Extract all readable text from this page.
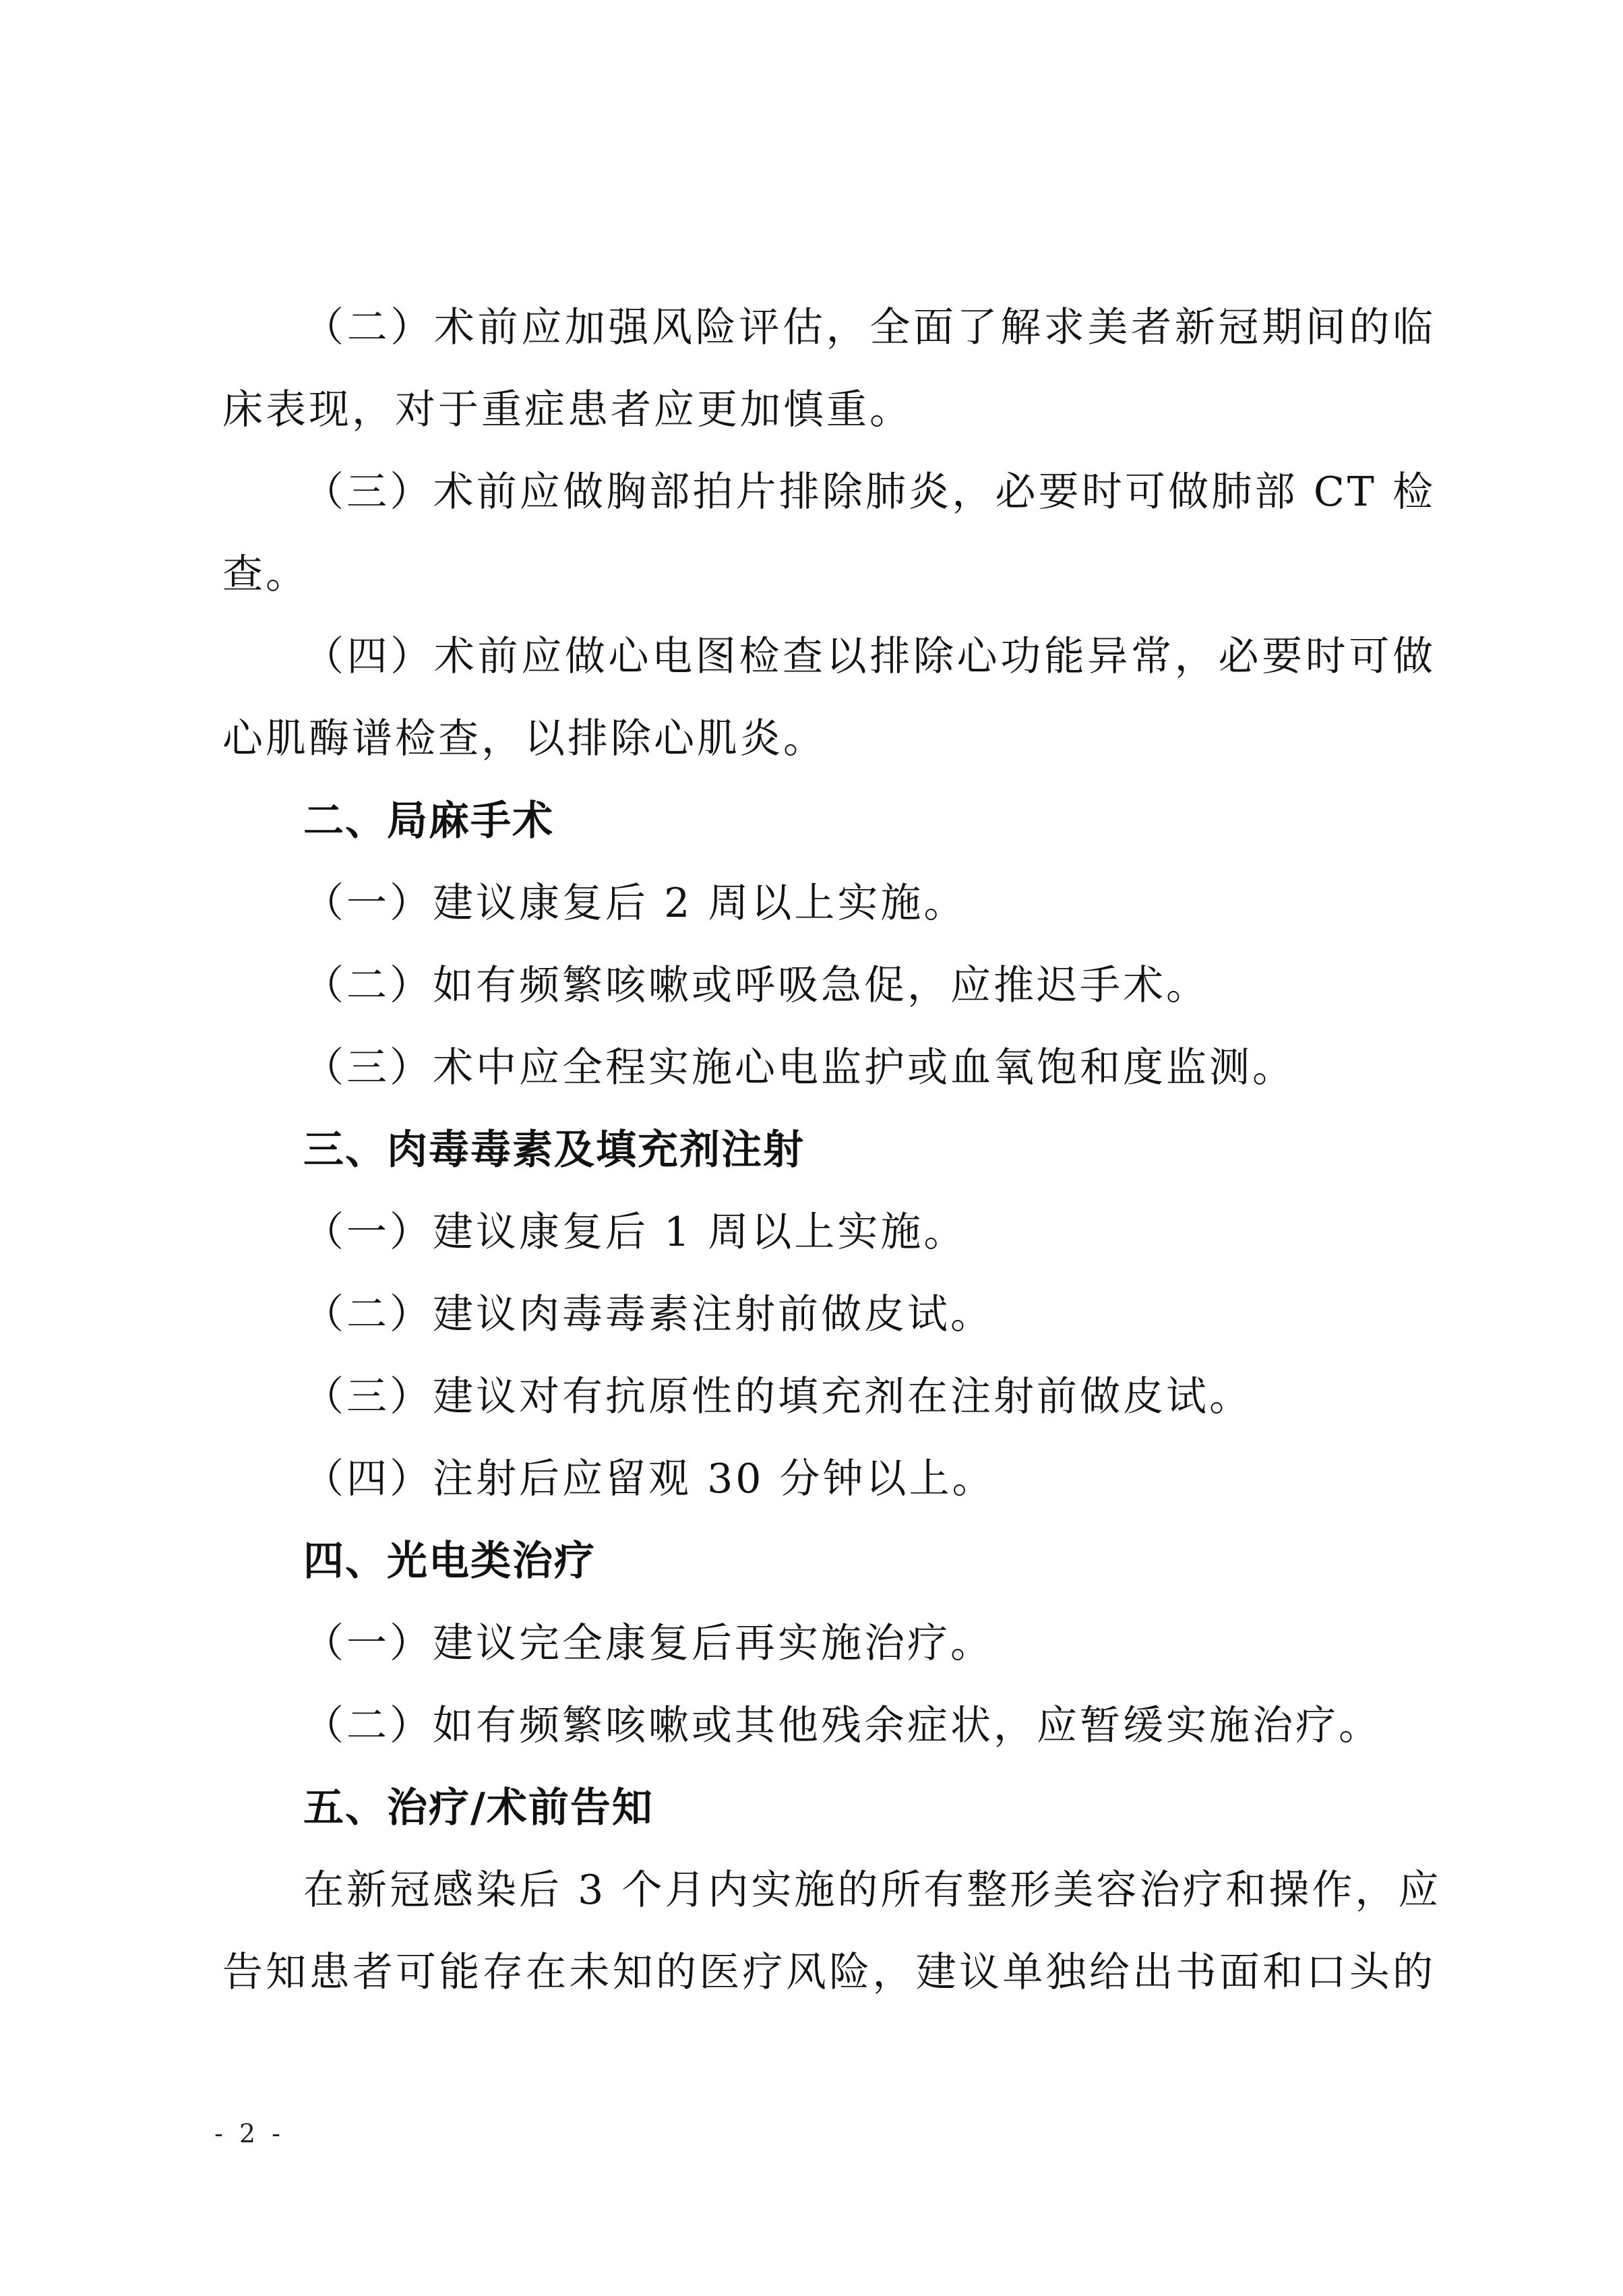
（二）术前应加强风险评估，全面了解求美者新冠期间的临
床表现，对于重症患者应更加慎重。
（三）术前应做胸部拍片排除肺炎，必要时可做肺部 CT 检
查。
（四）术前应做心电图检查以排除心功能异常，必要时可做
心肌酶谱检查，以排除心肌炎。
二、局麻手术
（一）建议康复后 2 周以上实施。
（二）如有频繁咳嗽或呼吸急促，应推迟手术。
（三）术中应全程实施心电监护或血氧饱和度监测。
三、肉毒毒素及填充剂注射
（一）建议康复后 1 周以上实施。
（二）建议肉毒毒素注射前做皮试。
（三）建议对有抗原性的填充剂在注射前做皮试。
（四）注射后应留观 30 分钟以上。
四、光电类治疗
（一）建议完全康复后再实施治疗。
（二）如有频繁咳嗽或其他残余症状，应暂缓实施治疗。
五、治疗/术前告知
在新冠感染后 3 个月内实施的所有整形美容治疗和操作，应
告知患者可能存在未知的医疗风险，建议单独给出书面和口头的
- 2 -
